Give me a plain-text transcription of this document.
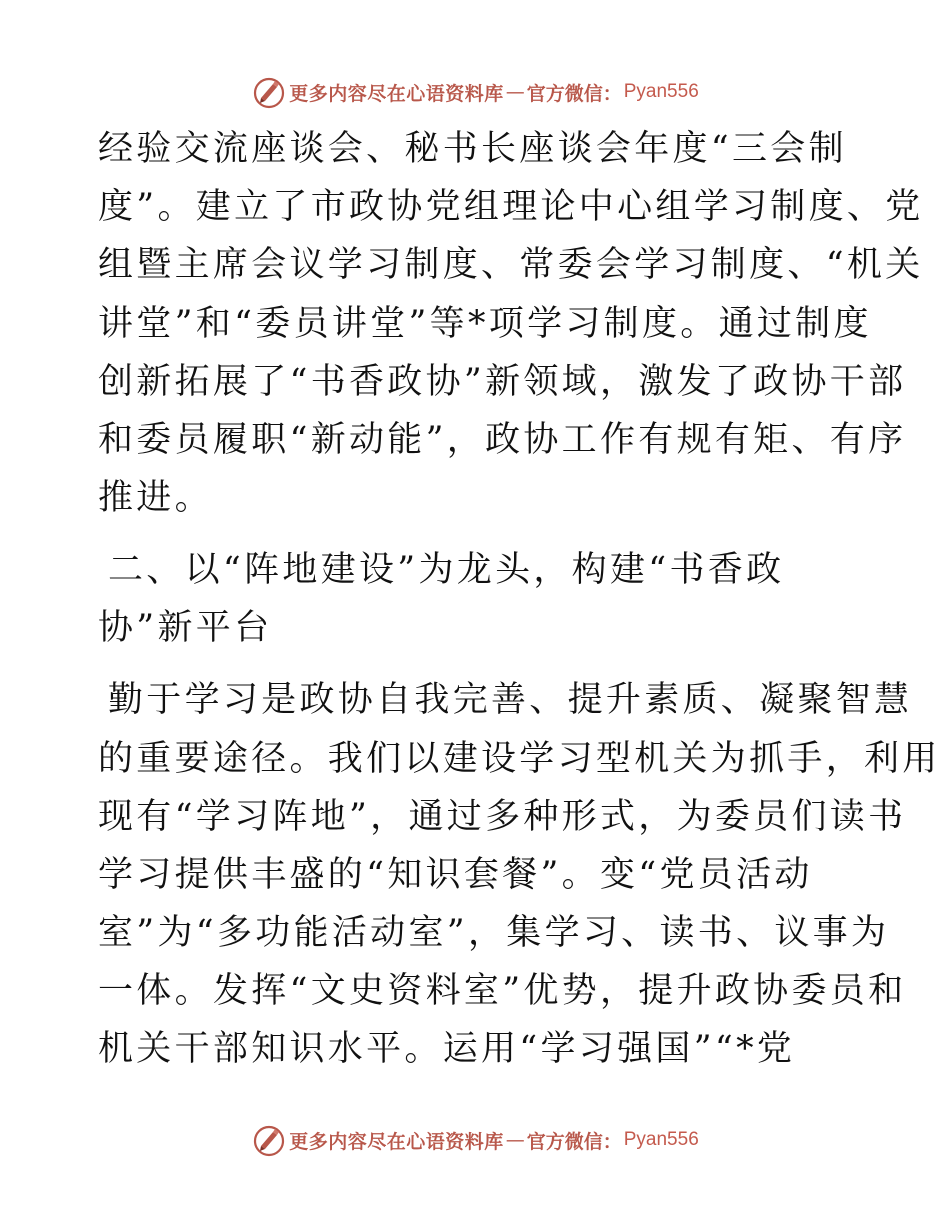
更多内容尽在心语资料库 — 官方微信： Pyan556
经验交流座谈会、秘书长座谈会年度“三会制
度”。建立了市政协党组理论中心组学习制度、党
组暨主席会议学习制度、常委会学习制度、“机关
讲堂”和“委员讲堂”等*项学习制度。通过制度
创新拓展了“书香政协”新领域，激发了政协干部
和委员履职“新动能”，政协工作有规有矩、有序
推进。
二、以“阵地建设”为龙头，构建“书香政
协”新平台
勤于学习是政协自我完善、提升素质、凝聚智慧
的重要途径。我们以建设学习型机关为抓手，利用
现有“学习阵地”，通过多种形式，为委员们读书
学习提供丰盛的“知识套餐”。变“党员活动
室”为“多功能活动室”，集学习、读书、议事为
一体。发挥“文史资料室”优势，提升政协委员和
机关干部知识水平。运用“学习强国”“*党
更多内容尽在心语资料库 — 官方微信： Pyan556
